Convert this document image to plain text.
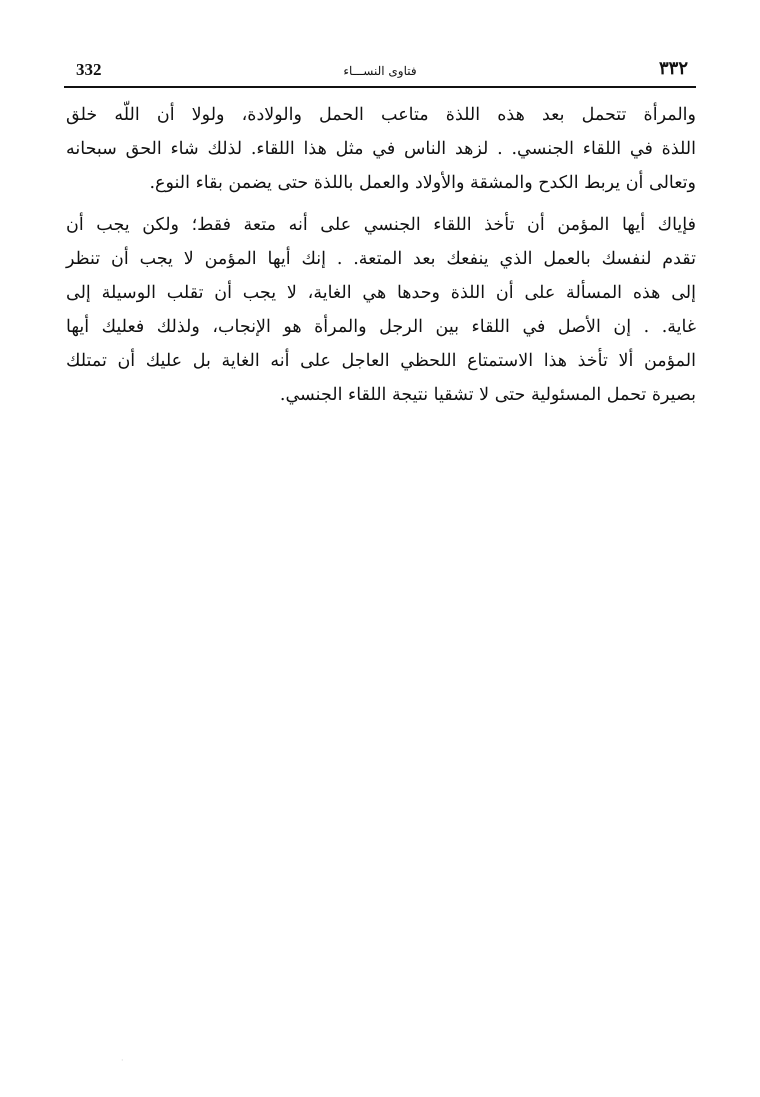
332	فتاوى النســـاء	٣٣٢
والمرأة تتحمل بعد هذه اللذة متاعب الحمل والولادة، ولولا أن اللّه خلق
اللذة في اللقاء الجنسي. . لزهد الناس في مثل هذا اللقاء. لذلك شاء الحق سبحانه
وتعالى أن يربط الكدح والمشقة والأولاد والعمل باللذة حتى يضمن بقاء النوع.
فإياك أيها المؤمن أن تأخذ اللقاء الجنسي على أنه متعة فقط؛ ولكن يجب أن
تقدم لنفسك بالعمل الذي ينفعك بعد المتعة. . إنك أيها المؤمن لا يجب أن تنظر
إلى هذه المسألة على أن اللذة وحدها هي الغاية، لا يجب أن تقلب الوسيلة إلى
غاية. . إن الأصل في اللقاء بين الرجل والمرأة هو الإنجاب، ولذلك فعليك أيها
المؤمن ألا تأخذ هذا الاستمتاع اللحظي العاجل على أنه الغاية بل عليك أن تمتلك
بصيرة تحمل المسئولية حتى لا تشقيا نتيجة اللقاء الجنسي.
·
